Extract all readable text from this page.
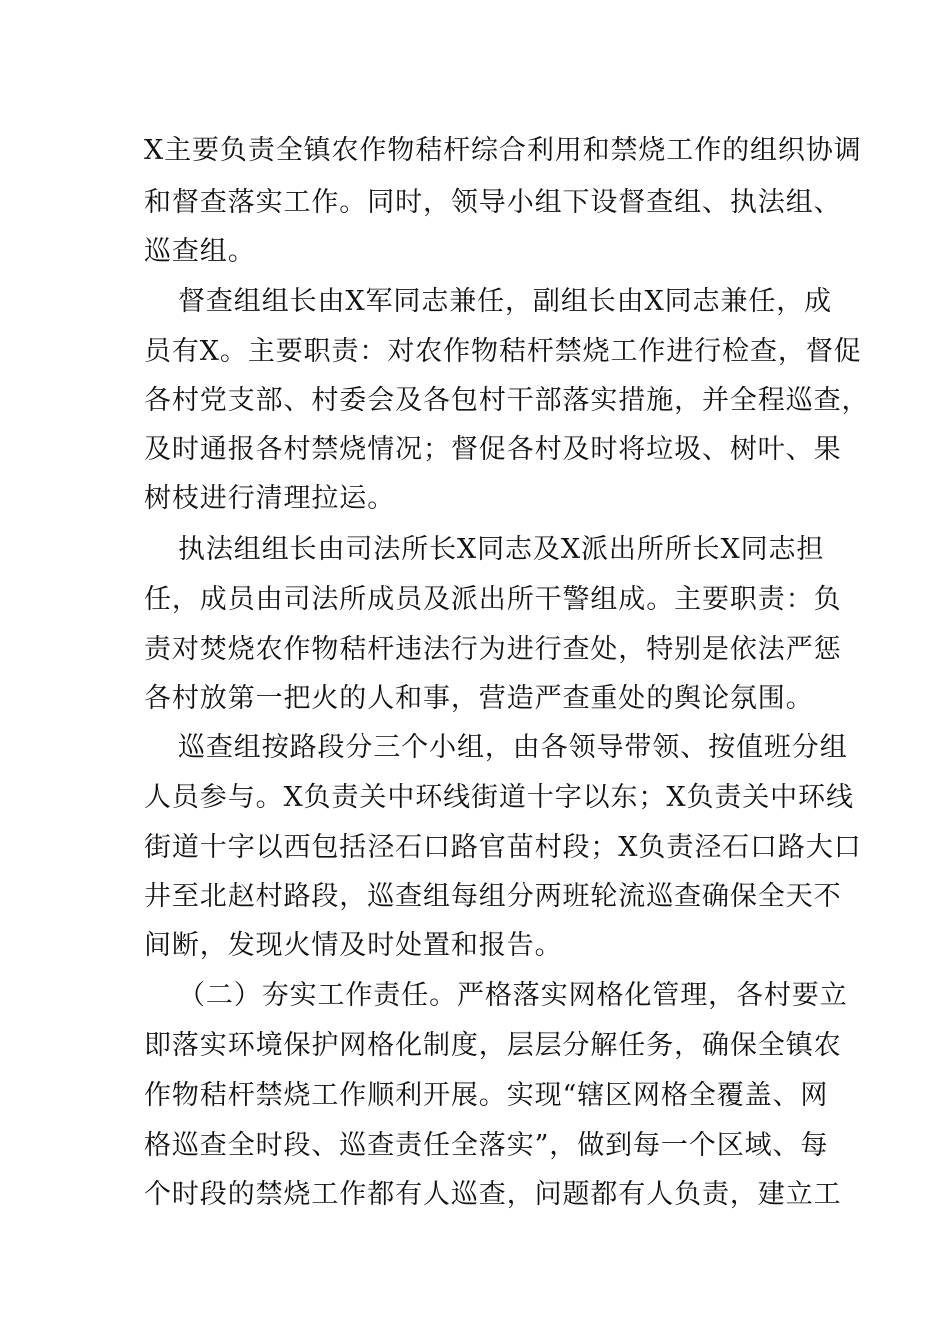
X主要负责全镇农作物秸杆综合利用和禁烧工作的组织协调
和督查落实工作。同时，领导小组下设督查组、执法组、
巡查组。
督查组组长由X军同志兼任，副组长由X同志兼任，成
员有X。主要职责：对农作物秸杆禁烧工作进行检查，督促
各村党支部、村委会及各包村干部落实措施，并全程巡查，
及时通报各村禁烧情况；督促各村及时将垃圾、树叶、果
树枝进行清理拉运。
执法组组长由司法所长X同志及X派出所所长X同志担
任，成员由司法所成员及派出所干警组成。主要职责：负
责对焚烧农作物秸杆违法行为进行查处，特别是依法严惩
各村放第一把火的人和事，营造严查重处的舆论氛围。
巡查组按路段分三个小组，由各领导带领、按值班分组
人员参与。X负责关中环线街道十字以东；X负责关中环线
街道十字以西包括泾石口路官苗村段；X负责泾石口路大口
井至北赵村路段，巡查组每组分两班轮流巡查确保全天不
间断，发现火情及时处置和报告。
（二）夯实工作责任。严格落实网格化管理，各村要立
即落实环境保护网格化制度，层层分解任务，确保全镇农
作物秸杆禁烧工作顺利开展。实现“辖区网格全覆盖、网
格巡查全时段、巡查责任全落实”，做到每一个区域、每
个时段的禁烧工作都有人巡查，问题都有人负责，建立工
